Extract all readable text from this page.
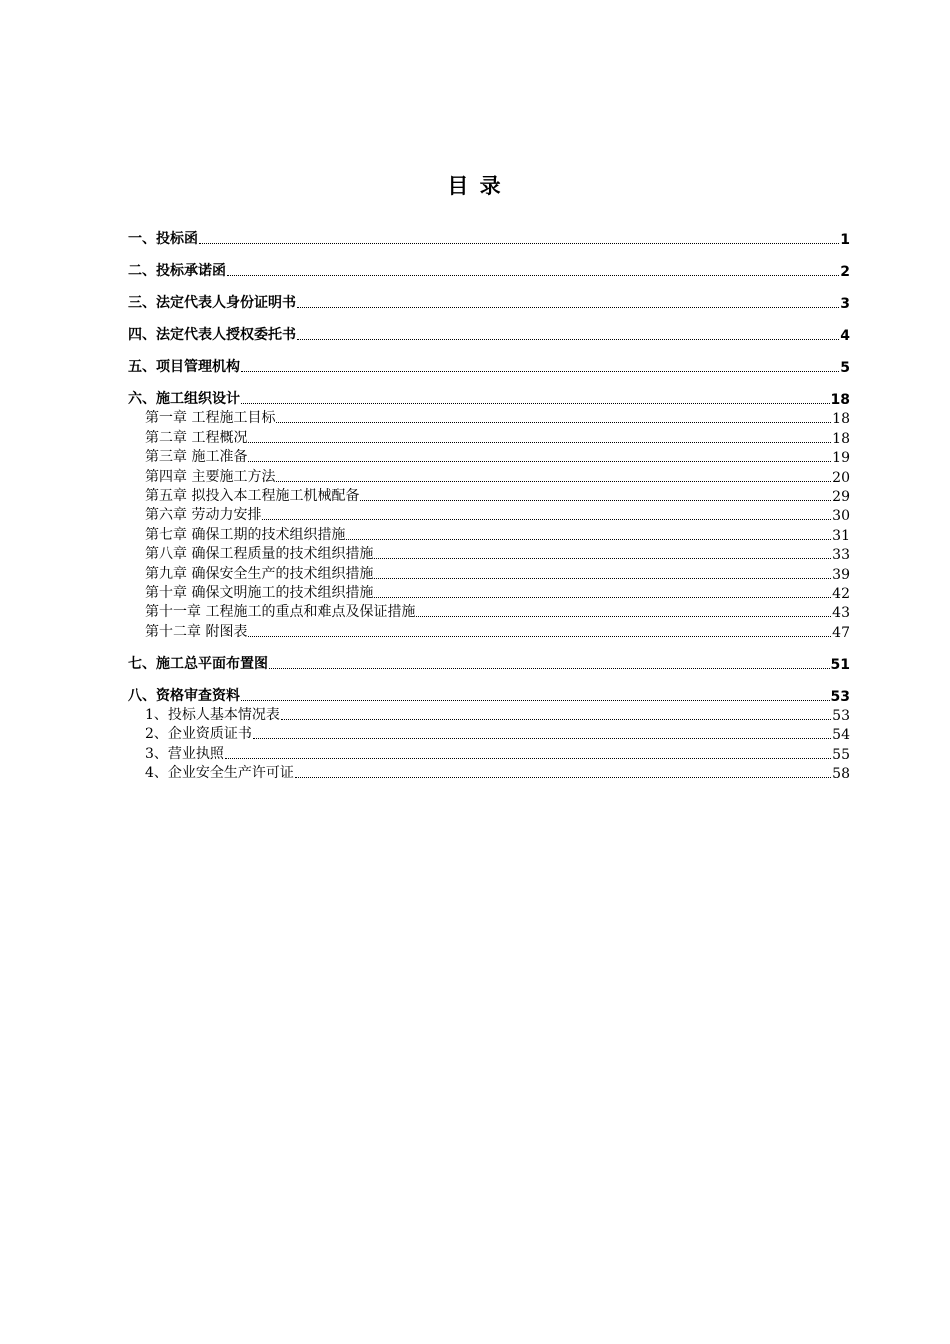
目 录
一、投标函	1
二、投标承诺函	2
三、法定代表人身份证明书	3
四、法定代表人授权委托书	4
五、项目管理机构	5
六、施工组织设计	18
第一章 工程施工目标	18
第二章 工程概况	18
第三章 施工准备	19
第四章 主要施工方法	20
第五章 拟投入本工程施工机械配备	29
第六章 劳动力安排	30
第七章 确保工期的技术组织措施	31
第八章 确保工程质量的技术组织措施	33
第九章 确保安全生产的技术组织措施	39
第十章 确保文明施工的技术组织措施	42
第十一章 工程施工的重点和难点及保证措施	43
第十二章 附图表	47
七、施工总平面布置图	51
八、资格审查资料	53
1、投标人基本情况表	53
2、企业资质证书	54
3、营业执照	55
4、企业安全生产许可证	58
